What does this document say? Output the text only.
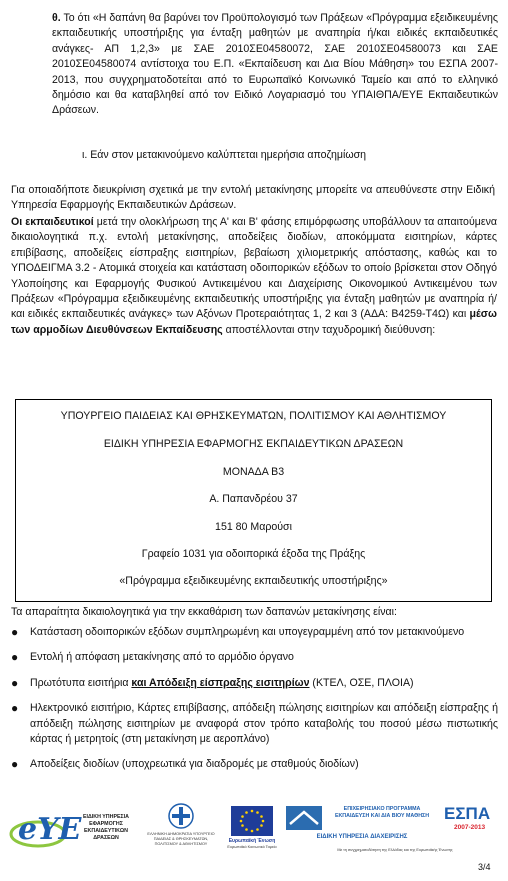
θ. Το ότι «Η δαπάνη θα βαρύνει τον Προϋπολογισμό των Πράξεων «Πρόγραμμα εξειδικευμένης εκπαιδευτικής υποστήριξης για ένταξη μαθητών με αναπηρία ή/και ειδικές εκπαιδευτικές ανάγκες- ΑΠ 1,2,3» με ΣΑΕ 2010ΣΕ04580072, ΣΑΕ 2010ΣΕ04580073 και ΣΑΕ 2010ΣΕ04580074 αντίστοιχα του Ε.Π. «Εκπαίδευση και Δια Βίου Μάθηση» του ΕΣΠΑ 2007-2013, που συγχρηματοδοτείται από το Ευρωπαϊκό Κοινωνικό Ταμείο και από το ελληνικό δημόσιο και θα καταβληθεί από τον Ειδικό Λογαριασμό του ΥΠΑΙΘΠΑ/ΕΥΕ Εκπαιδευτικών Δράσεων.

ι. Εάν στον μετακινούμενο καλύπτεται ημερήσια αποζημίωση

Για οποιαδήποτε διευκρίνιση σχετικά με την εντολή μετακίνησης μπορείτε να απευθύνεστε στην Ειδική Υπηρεσία Εφαρμογής Εκπαιδευτικών Δράσεων.

Οι εκπαιδευτικοί μετά την ολοκλήρωση της Α' και Β' φάσης επιμόρφωσης υποβάλλουν τα απαιτούμενα δικαιολογητικά π.χ. εντολή μετακίνησης, αποδείξεις διοδίων, αποκόμματα εισιτηρίων, κάρτες επιβίβασης, αποδείξεις είσπραξης εισιτηρίων, βεβαίωση χιλιομετρικής απόστασης, καθώς και το ΥΠΟΔΕΙΓΜΑ 3.2 - Ατομικά στοιχεία και κατάσταση οδοιπορικών εξόδων το οποίο βρίσκεται στον Οδηγό Υλοποίησης και Εφαρμογής Φυσικού Αντικειμένου και Διαχείρισης Οικονομικού Αντικειμένου των Πράξεων «Πρόγραμμα εξειδικευμένης εκπαιδευτικής υποστήριξης για ένταξη μαθητών με αναπηρία ή/και ειδικές εκπαιδευτικές ανάγκες» των Αξόνων Προτεραιότητας 1, 2 και 3 (ΑΔΑ: Β4259-Τ4Ω) και μέσω των αρμοδίων Διευθύνσεων Εκπαίδευσης αποστέλλονται στην ταχυδρομική διεύθυνση:

ΥΠΟΥΡΓΕΙΟ ΠΑΙΔΕΙΑΣ ΚΑΙ ΘΡΗΣΚΕΥΜΑΤΩΝ, ΠΟΛΙΤΙΣΜΟΥ ΚΑΙ ΑΘΛΗΤΙΣΜΟΥ
ΕΙΔΙΚΗ ΥΠΗΡΕΣΙΑ ΕΦΑΡΜΟΓΗΣ ΕΚΠΑΙΔΕΥΤΙΚΩΝ ΔΡΑΣΕΩΝ
ΜΟΝΑΔΑ Β3
Α. Παπανδρέου 37
151 80 Μαρούσι
Γραφείο 1031 για οδοιπορικά έξοδα της Πράξης
«Πρόγραμμα εξειδικευμένης εκπαιδευτικής υποστήριξης»

Τα απαραίτητα δικαιολογητικά για την εκκαθάριση των δαπανών μετακίνησης είναι:

● Κατάσταση οδοιπορικών εξόδων συμπληρωμένη και υπογεγραμμένη από τον μετακινούμενο
● Εντολή ή απόφαση μετακίνησης από το αρμόδιο όργανο
● Πρωτότυπα εισιτήρια και Απόδειξη είσπραξης εισιτηρίων (ΚΤΕΛ, ΟΣΕ, ΠΛΟΙΑ)
● Ηλεκτρονικό εισιτήριο, Κάρτες επιβίβασης, απόδειξη πώλησης εισιτηρίων και απόδειξη είσπραξης ή απόδειξη πώλησης εισιτηρίων με αναφορά στον τρόπο καταβολής του ποσού μέσω πιστωτικής κάρτας ή μετρητοίς (στη μετακίνηση με αεροπλάνο)
● Αποδείξεις διοδίων (υποχρεωτικά για διαδρομές με σταθμούς διοδίων)
eYE ΕΙΔΙΚΗ ΥΠΗΡΕΣΙΑ ΕΦΑΡΜΟΓΗΣ ΕΚΠΑΙΔΕΥΤΙΚΩΝ ΔΡΑΣΕΩΝ
ΕΛΛΗΝΙΚΗ ΔΗΜΟΚΡΑΤΙΑ ΥΠΟΥΡΓΕΙΟ ΠΑΙΔΕΙΑΣ & ΘΡΗΣΚΕΥΜΑΤΩΝ, ΠΟΛΙΤΙΣΜΟΥ & ΑΘΛΗΤΙΣΜΟΥ	Ευρωπαϊκή Ένωση
Ευρωπαϊκό Κοινωνικό Ταμείο
ΕΠΙΧΕΙΡΗΣΙΑΚΟ ΠΡΟΓΡΑΜΜΑ ΕΚΠΑΙΔΕΥΣΗ ΚΑΙ ΔΙΑ ΒΙΟΥ ΜΑΘΗΣΗ
ΕΙΔΙΚΗ ΥΠΗΡΕΣΙΑ ΔΙΑΧΕΙΡΙΣΗΣ
ΕΣΠΑ
2007-2013
Με τη συγχρηματοδότηση της Ελλάδας και της Ευρωπαϊκής Ένωσης
3/4
